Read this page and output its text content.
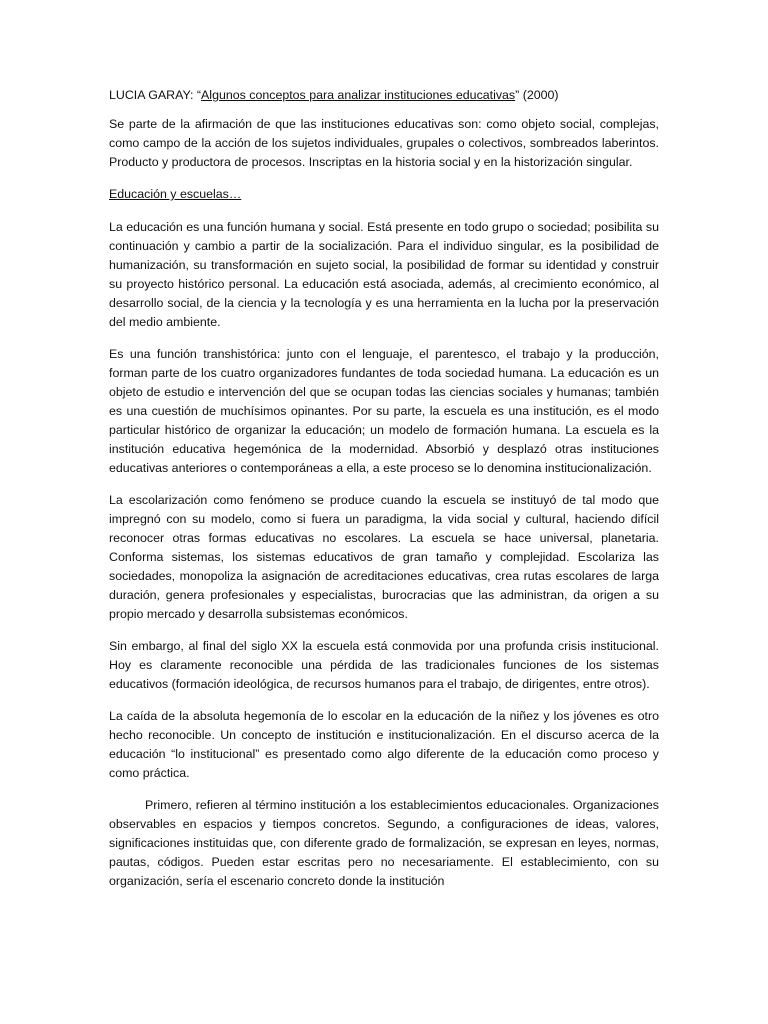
LUCIA GARAY: “Algunos conceptos para analizar instituciones educativas” (2000)

Se parte de la afirmación de que las instituciones educativas son: como objeto social, complejas, como campo de la acción de los sujetos individuales, grupales o colectivos, sombreados laberintos. Producto y productora de procesos. Inscriptas en la historia social y en la historización singular.

Educación y escuelas…

La educación es una función humana y social. Está presente en todo grupo o sociedad; posibilita su continuación y cambio a partir de la socialización. Para el individuo singular, es la posibilidad de humanización, su transformación en sujeto social, la posibilidad de formar su identidad y construir su proyecto histórico personal. La educación está asociada, además, al crecimiento económico, al desarrollo social, de la ciencia y la tecnología y es una herramienta en la lucha por la preservación del medio ambiente.

Es una función transhistórica: junto con el lenguaje, el parentesco, el trabajo y la producción, forman parte de los cuatro organizadores fundantes de toda sociedad humana. La educación es un objeto de estudio e intervención del que se ocupan todas las ciencias sociales y humanas; también es una cuestión de muchísimos opinantes. Por su parte, la escuela es una institución, es el modo particular histórico de organizar la educación; un modelo de formación humana. La escuela es la institución educativa hegemónica de la modernidad. Absorbió y desplazó otras instituciones educativas anteriores o contemporáneas a ella, a este proceso se lo denomina institucionalización.

La escolarización como fenómeno se produce cuando la escuela se instituyó de tal modo que impregnó con su modelo, como si fuera un paradigma, la vida social y cultural, haciendo difícil reconocer otras formas educativas no escolares. La escuela se hace universal, planetaria. Conforma sistemas, los sistemas educativos de gran tamaño y complejidad. Escolariza las sociedades, monopoliza la asignación de acreditaciones educativas, crea rutas escolares de larga duración, genera profesionales y especialistas, burocracias que las administran, da origen a su propio mercado y desarrolla subsistemas económicos.

Sin embargo, al final del siglo XX la escuela está conmovida por una profunda crisis institucional. Hoy es claramente reconocible una pérdida de las tradicionales funciones de los sistemas educativos (formación ideológica, de recursos humanos para el trabajo, de dirigentes, entre otros).

La caída de la absoluta hegemonía de lo escolar en la educación de la niñez y los jóvenes es otro hecho reconocible. Un concepto de institución e institucionalización. En el discurso acerca de la educación “lo institucional” es presentado como algo diferente de la educación como proceso y como práctica.

Primero, refieren al término institución a los establecimientos educacionales. Organizaciones observables en espacios y tiempos concretos. Segundo, a configuraciones de ideas, valores, significaciones instituidas que, con diferente grado de formalización, se expresan en leyes, normas, pautas, códigos. Pueden estar escritas pero no necesariamente. El establecimiento, con su organización, sería el escenario concreto donde la institución
